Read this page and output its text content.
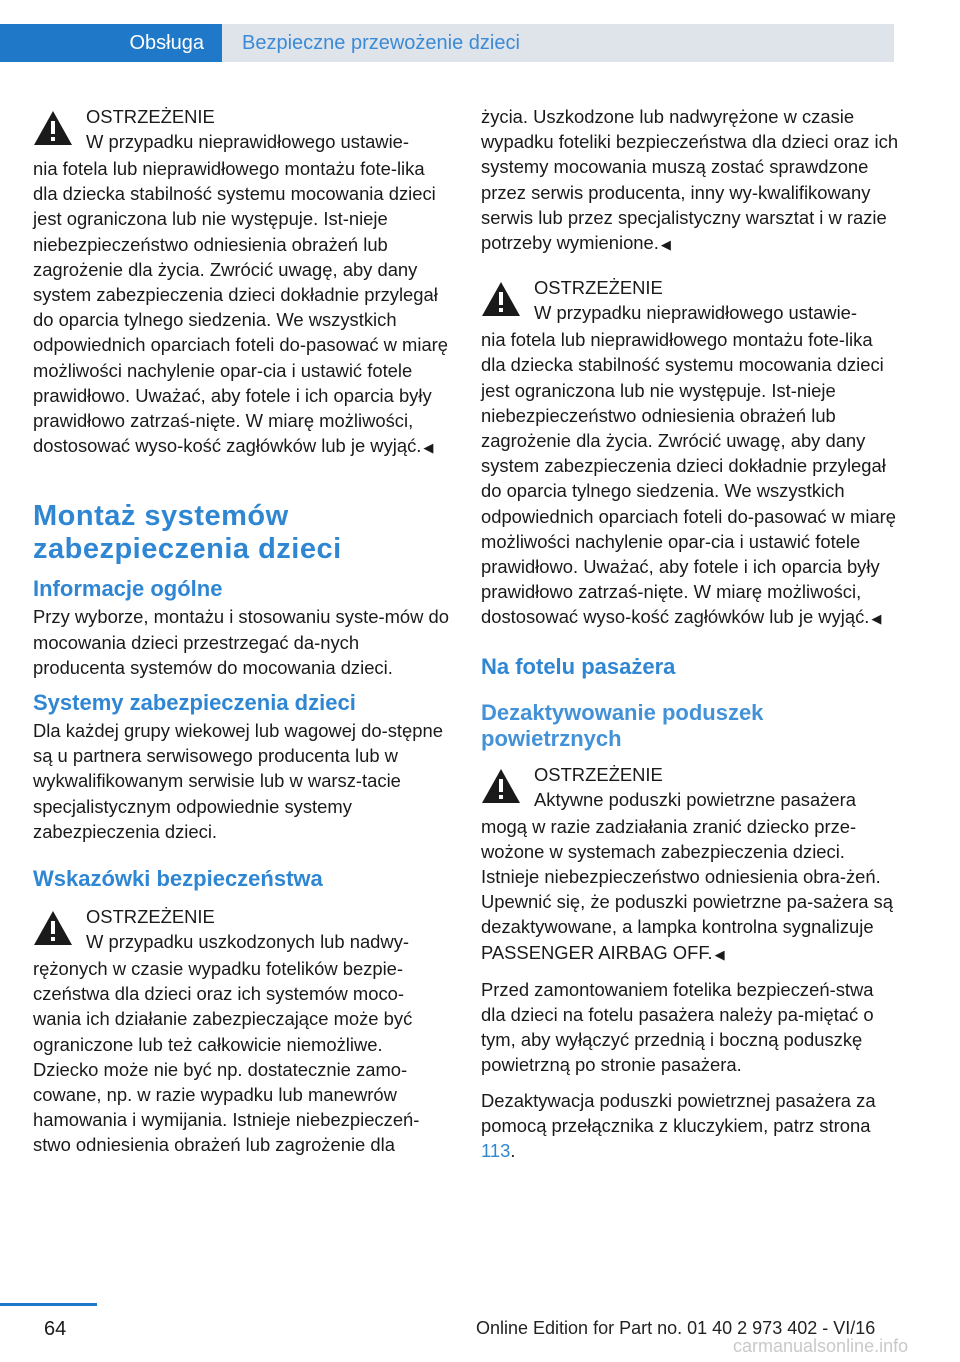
Obsługa Bezpieczne przewożenie dzieci
OSTRZEŻENIE
W przypadku nieprawidłowego ustawie-
nia fotela lub nieprawidłowego montażu fote-lika dla dziecka stabilność systemu mocowania dzieci jest ograniczona lub nie występuje. Ist-nieje niebezpieczeństwo odniesienia obrażeń lub zagrożenie dla życia. Zwrócić uwagę, aby dany system zabezpieczenia dzieci dokładnie przylegał do oparcia tylnego siedzenia. We wszystkich odpowiednich oparciach foteli do-pasować w miarę możliwości nachylenie opar-cia i ustawić fotele prawidłowo. Uważać, aby fotele i ich oparcia były prawidłowo zatrzaś-nięte. W miarę możliwości, dostosować wyso-kość zagłówków lub je wyjąć. ◀
Montaż systemów zabezpieczenia dzieci
Informacje ogólne

Przy wyborze, montażu i stosowaniu syste-mów do mocowania dzieci przestrzegać da-nych producenta systemów do mocowania dzieci.

Systemy zabezpieczenia dzieci

Dla każdej grupy wiekowej lub wagowej do-stępne są u partnera serwisowego producenta lub w wykwalifikowanym serwisie lub w warsz-tacie specjalistycznym odpowiednie systemy zabezpieczenia dzieci.

Wskazówki bezpieczeństwa
OSTRZEŻENIE
W przypadku uszkodzonych lub nadwy-
rężonych w czasie wypadku fotelików bezpie-czeństwa dla dzieci oraz ich systemów moco-wania ich działanie zabezpieczające może być ograniczone lub też całkowicie niemożliwe. Dziecko może nie być np. dostatecznie zamo-cowane, np. w razie wypadku lub manewrów hamowania i wymijania. Istnieje niebezpieczeń-stwo odniesienia obrażeń lub zagrożenie dla

życia. Uszkodzone lub nadwyrężone w czasie wypadku foteliki bezpieczeństwa dla dzieci oraz ich systemy mocowania muszą zostać sprawdzone przez serwis producenta, inny wy-kwalifikowany serwis lub przez specjalistyczny warsztat i w razie potrzeby wymienione. ◀

OSTRZEŻENIE
W przypadku nieprawidłowego ustawie-
nia fotela lub nieprawidłowego montażu fote-lika dla dziecka stabilność systemu mocowania dzieci jest ograniczona lub nie występuje. Ist-nieje niebezpieczeństwo odniesienia obrażeń lub zagrożenie dla życia. Zwrócić uwagę, aby dany system zabezpieczenia dzieci dokładnie przylegał do oparcia tylnego siedzenia. We wszystkich odpowiednich oparciach foteli do-pasować w miarę możliwości nachylenie opar-cia i ustawić fotele prawidłowo. Uważać, aby fotele i ich oparcia były prawidłowo zatrzaś-nięte. W miarę możliwości, dostosować wyso-kość zagłówków lub je wyjąć. ◀
Na fotelu pasażera
Dezaktywowanie poduszek powietrznych
OSTRZEŻENIE
Aktywne poduszki powietrzne pasażera
mogą w razie zadziałania zranić dziecko prze-wożone w systemach zabezpieczenia dzieci. Istnieje niebezpieczeństwo odniesienia obra-żeń. Upewnić się, że poduszki powietrzne pa-sażera są dezaktywowane, a lampka kontrolna sygnalizuje PASSENGER AIRBAG OFF. ◀

Przed zamontowaniem fotelika bezpieczeń-stwa dla dzieci na fotelu pasażera należy pa-miętać o tym, aby wyłączyć przednią i boczną poduszkę powietrzną po stronie pasażera.

Dezaktywacja poduszki powietrznej pasażera za pomocą przełącznika z kluczykiem, patrz strona 113.

64	Online Edition for Part no. 01 40 2 973 402 - VI/16
carmanualsonline.info
